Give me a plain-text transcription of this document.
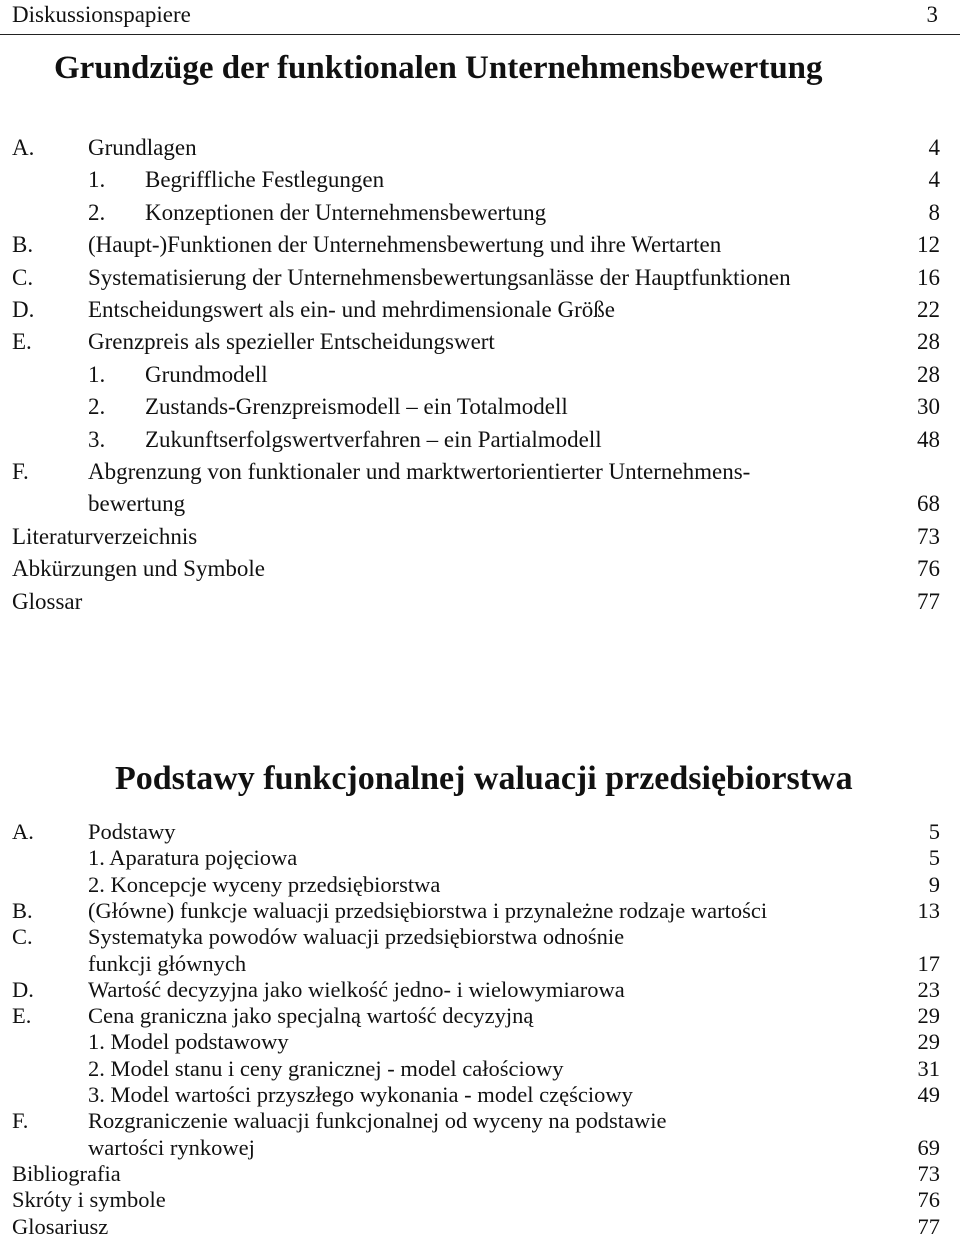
Diskussionspapiere	3
Grundzüge der funktionalen Unternehmensbewertung
A. Grundlagen	4
1. Begriffliche Festlegungen	4
2. Konzeptionen der Unternehmensbewertung	8
B. (Haupt-)Funktionen der Unternehmensbewertung und ihre Wertarten	12
C. Systematisierung der Unternehmensbewertungsanlässe der Hauptfunktionen	16
D. Entscheidungswert als ein- und mehrdimensionale Größe	22
E. Grenzpreis als spezieller Entscheidungswert	28
1. Grundmodell	28
2. Zustands-Grenzpreismodell – ein Totalmodell	30
3. Zukunftserfolgswertverfahren – ein Partialmodell	48
F.	Abgrenzung von funktionaler und marktwertorientierter Unternehmens-
bewertung	68
Literaturverzeichnis	73
Abkürzungen und Symbole	76
Glossar	77
Podstawy funkcjonalnej waluacji przedsiębiorstwa
A. Podstawy	5
1. Aparatura pojęciowa	5
2. Koncepcje wyceny przedsiębiorstwa	9
B. (Główne) funkcje waluacji przedsiębiorstwa i przynależne rodzaje wartości	13
C. Systematyka powodów waluacji przedsiębiorstwa odnośnie
funkcji głównych	17
D. Wartość decyzyjna jako wielkość jedno- i wielowymiarowa	23
E.	Cena graniczna jako specjalną wartość decyzyjną	29
1. Model podstawowy	29
2. Model stanu i ceny granicznej - model całościowy	31
3. Model wartości przyszłego wykonania - model częściowy	49
F.	Rozgraniczenie waluacji funkcjonalnej od wyceny na podstawie
wartości rynkowej	69
Bibliografia	73
Skróty i symbole	76
Glosariusz	77
